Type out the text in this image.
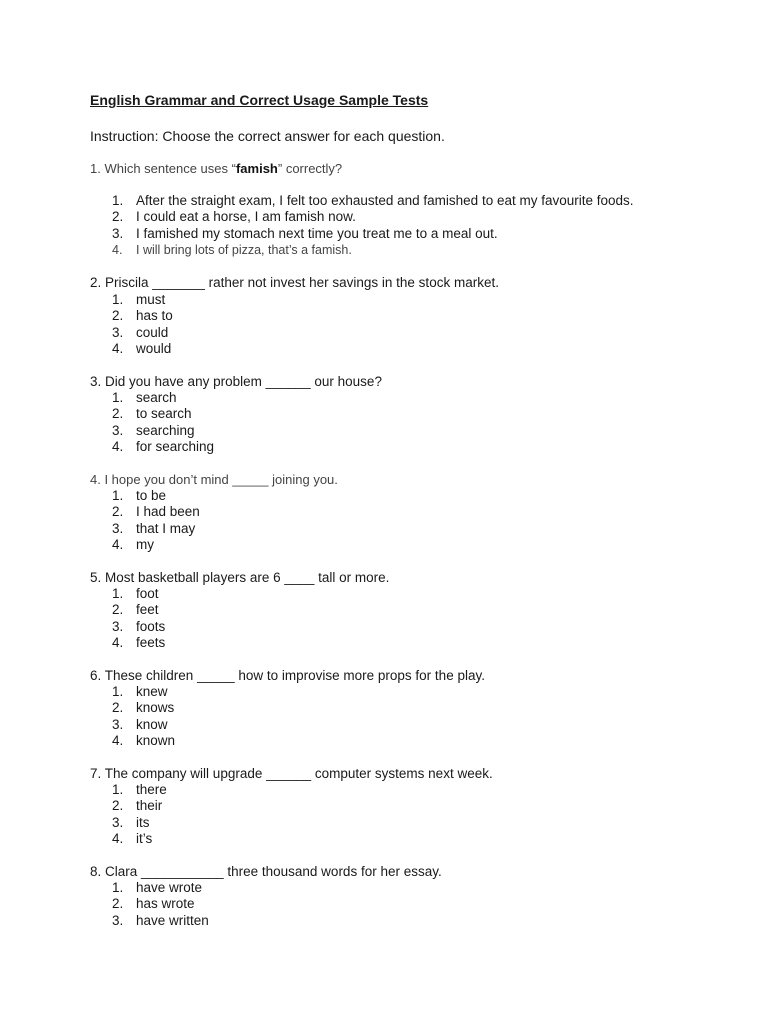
English Grammar and Correct Usage Sample Tests
Instruction: Choose the correct answer for each question.
1. Which sentence uses “famish” correctly?
1. After the straight exam, I felt too exhausted and famished to eat my favourite foods.
2. I could eat a horse, I am famish now.
3. I famished my stomach next time you treat me to a meal out.
4.	I will bring lots of pizza, that’s a famish.
2. Priscila _______ rather not invest her savings in the stock market.
1. must
2. has to
3. could
4. would
3. Did you have any problem ______ our house?
1. search
2. to search
3. searching
4. for searching
4. I hope you don’t mind _____ joining you.
1. to be
2. I had been
3. that I may
4. my
5. Most basketball players are 6 ____ tall or more.
1. foot
2. feet
3. foots
4. feets
6. These children _____ how to improvise more props for the play.
1. knew
2. knows
3. know
4. known
7. The company will upgrade ______ computer systems next week.
1. there
2. their
3. its
4. it’s
8. Clara ___________ three thousand words for her essay.
1. have wrote
2. has wrote
3. have written
